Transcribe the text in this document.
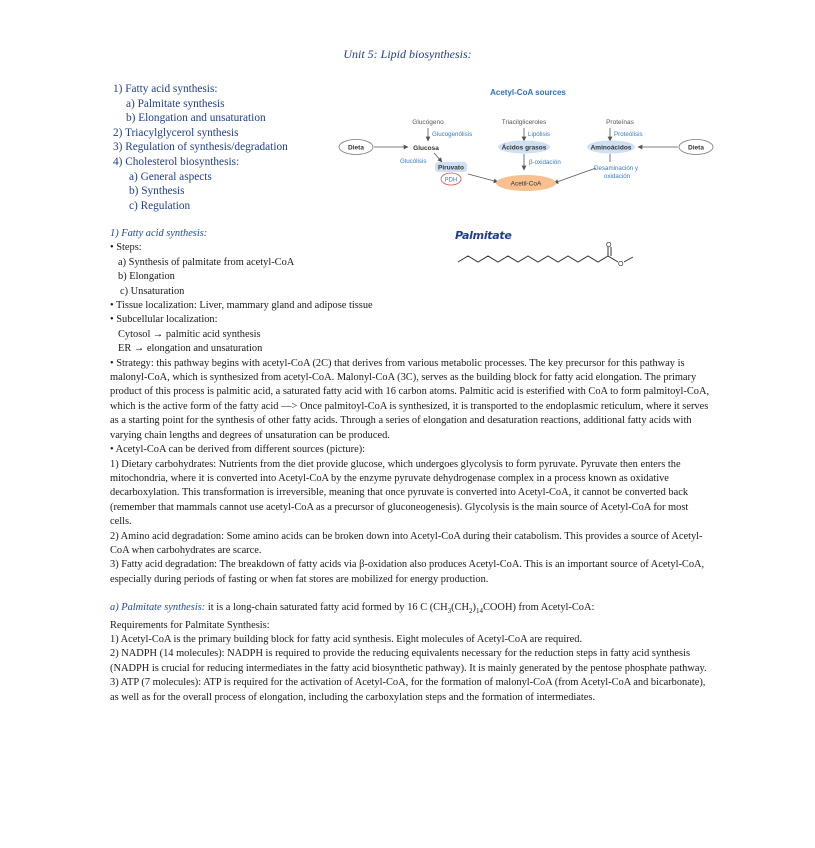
Unit 5: Lipid biosynthesis:
1) Fatty acid synthesis:
a) Palmitate synthesis
b) Elongation and unsaturation
2) Triacylglycerol synthesis
3) Regulation of synthesis/degradation
4) Cholesterol biosynthesis:
a) General aspects
b) Synthesis
c) Regulation
Acetyl-CoA sources
Glucógeno	Triacilgliceroles	Proteínas
Glucogenólisis	Lipólisis	Proteólisis
Dieta	Glucosa	Ácidos grasos	Aminoácidos	Dieta
Glucólisis	β-oxidación
Piruvato
PDH
Desaminación y
oxidación
Acetil-CoA
Palmitate
O
O

1) Fatty acid synthesis:

• Steps:

a) Synthesis of palmitate from acetyl-CoA

b) Elongation

c) Unsaturation

• Tissue localization: Liver, mammary gland and adipose tissue

• Subcellular localization:

Cytosol → palmitic acid synthesis

ER → elongation and unsaturation

• Strategy: this pathway begins with acetyl-CoA (2C) that derives from various metabolic processes. The key precursor for this pathway is malonyl-CoA, which is synthesized from acetyl-CoA. Malonyl-CoA (3C), serves as the building block for fatty acid elongation. The primary product of this process is palmitic acid, a saturated fatty acid with 16 carbon atoms. Palmitic acid is esterified with CoA to form palmitoyl-CoA, which is the active form of the fatty acid —> Once palmitoyl-CoA is synthesized, it is transported to the endoplasmic reticulum, where it serves as a starting point for the synthesis of other fatty acids. Through a series of elongation and desaturation reactions, additional fatty acids with varying chain lengths and degrees of unsaturation can be produced.

• Acetyl-CoA can be derived from different sources (picture):

1) Dietary carbohydrates: Nutrients from the diet provide glucose, which undergoes glycolysis to form pyruvate. Pyruvate then enters the mitochondria, where it is converted into Acetyl-CoA by the enzyme pyruvate dehydrogenase complex in a process known as oxidative decarboxylation. This transformation is irreversible, meaning that once pyruvate is converted into Acetyl-CoA, it cannot be converted back (remember that mammals cannot use acetyl-CoA as a precursor of gluconeogenesis). Glycolysis is the main source of Acetyl-CoA for most cells.

2) Amino acid degradation: Some amino acids can be broken down into Acetyl-CoA during their catabolism. This provides a source of Acetyl-CoA when carbohydrates are scarce.

3) Fatty acid degradation: The breakdown of fatty acids via β-oxidation also produces Acetyl-CoA. This is an important source of Acetyl-CoA, especially during periods of fasting or when fat stores are mobilized for energy production.

a) Palmitate synthesis: it is a long-chain saturated fatty acid formed by 16 C $(CH_3(CH_2)_{14}COOH)$ from Acetyl-CoA:

Requirements for Palmitate Synthesis:

1) Acetyl-CoA is the primary building block for fatty acid synthesis. Eight molecules of Acetyl-CoA are required.

2) NADPH (14 molecules): NADPH is required to provide the reducing equivalents necessary for the reduction steps in fatty acid synthesis (NADPH is crucial for reducing intermediates in the fatty acid biosynthetic pathway). It is mainly generated by the pentose phosphate pathway.

3) ATP (7 molecules): ATP is required for the activation of Acetyl-CoA, for the formation of malonyl-CoA (from Acetyl-CoA and bicarbonate), as well as for the overall process of elongation, including the carboxylation steps and the formation of intermediates.
